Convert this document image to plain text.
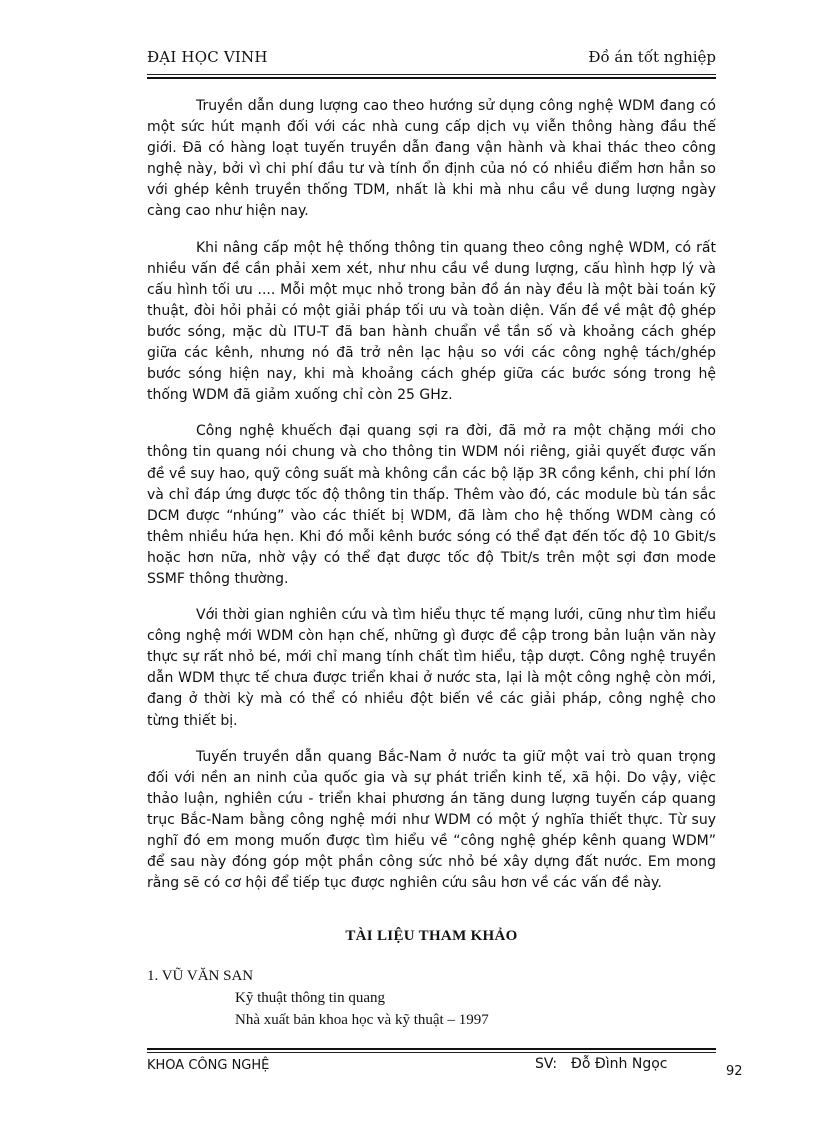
ĐẠI HỌC VINH	Đồ án tốt nghiệp

Truyền dẫn dung lượng cao theo hướng sử dụng công nghệ WDM đang có một sức hút mạnh đối với các nhà cung cấp dịch vụ viễn thông hàng đầu thế giới. Đã có hàng loạt tuyến truyền dẫn đang vận hành và khai thác theo công nghệ này, bởi vì chi phí đầu tư và tính ổn định của nó có nhiều điểm hơn hẳn so với ghép kênh truyền thống TDM, nhất là khi mà nhu cầu về dung lượng ngày càng cao như hiện nay.

Khi nâng cấp một hệ thống thông tin quang theo công nghệ WDM, có rất nhiều vấn đề cần phải xem xét, như nhu cầu về dung lượng, cấu hình hợp lý và cấu hình tối ưu .... Mỗi một mục nhỏ trong bản đồ án này đều là một bài toán kỹ thuật, đòi hỏi phải có một giải pháp tối ưu và toàn diện. Vấn đề về mật độ ghép bước sóng, mặc dù ITU-T đã ban hành chuẩn về tần số và khoảng cách ghép giữa các kênh, nhưng nó đã trở nên lạc hậu so với các công nghệ tách/ghép bước sóng hiện nay, khi mà khoảng cách ghép giữa các bước sóng trong hệ thống WDM đã giảm xuống chỉ còn 25 GHz.

Công nghệ khuếch đại quang sợi ra đời, đã mở ra một chặng mới cho thông tin quang nói chung và cho thông tin WDM nói riêng, giải quyết được vấn đề về suy hao, quỹ công suất mà không cần các bộ lặp 3R cồng kềnh, chi phí lớn và chỉ đáp ứng được tốc độ thông tin thấp. Thêm vào đó, các module bù tán sắc DCM được “nhúng” vào các thiết bị WDM, đã làm cho hệ thống WDM càng có thêm nhiều hứa hẹn. Khi đó mỗi kênh bước sóng có thể đạt đến tốc độ 10 Gbit/s hoặc hơn nữa, nhờ vậy có thể đạt được tốc độ Tbit/s trên một sợi đơn mode SSMF thông thường.

Với thời gian nghiên cứu và tìm hiểu thực tế mạng lưới, cũng như tìm hiểu công nghệ mới WDM còn hạn chế, những gì được đề cập trong bản luận văn này thực sự rất nhỏ bé, mới chỉ mang tính chất tìm hiểu, tập dượt. Công nghệ truyền dẫn WDM thực tế chưa được triển khai ở nước sta, lại là một công nghệ còn mới, đang ở thời kỳ mà có thể có nhiều đột biến về các giải pháp, công nghệ cho từng thiết bị.

Tuyến truyền dẫn quang Bắc-Nam ở nước ta giữ một vai trò quan trọng đối với nền an ninh của quốc gia và sự phát triển kinh tế, xã hội. Do vậy, việc thảo luận, nghiên cứu - triển khai phương án tăng dung lượng tuyến cáp quang trục Bắc-Nam bằng công nghệ mới như WDM có một ý nghĩa thiết thực. Từ suy nghĩ đó em mong muốn được tìm hiểu về “công nghệ ghép kênh quang WDM” để sau này đóng góp một phần công sức nhỏ bé xây dựng đất nước. Em mong rằng sẽ có cơ hội để tiếp tục được nghiên cứu sâu hơn về các vấn đề này.

TÀI LIỆU THAM KHẢO

1. VŨ VĂN SAN

Kỹ thuật thông tin quang

Nhà xuất bản khoa học và kỹ thuật – 1997

KHOA CÔNG NGHỆ	SV: Đỗ Đình Ngọc	92
